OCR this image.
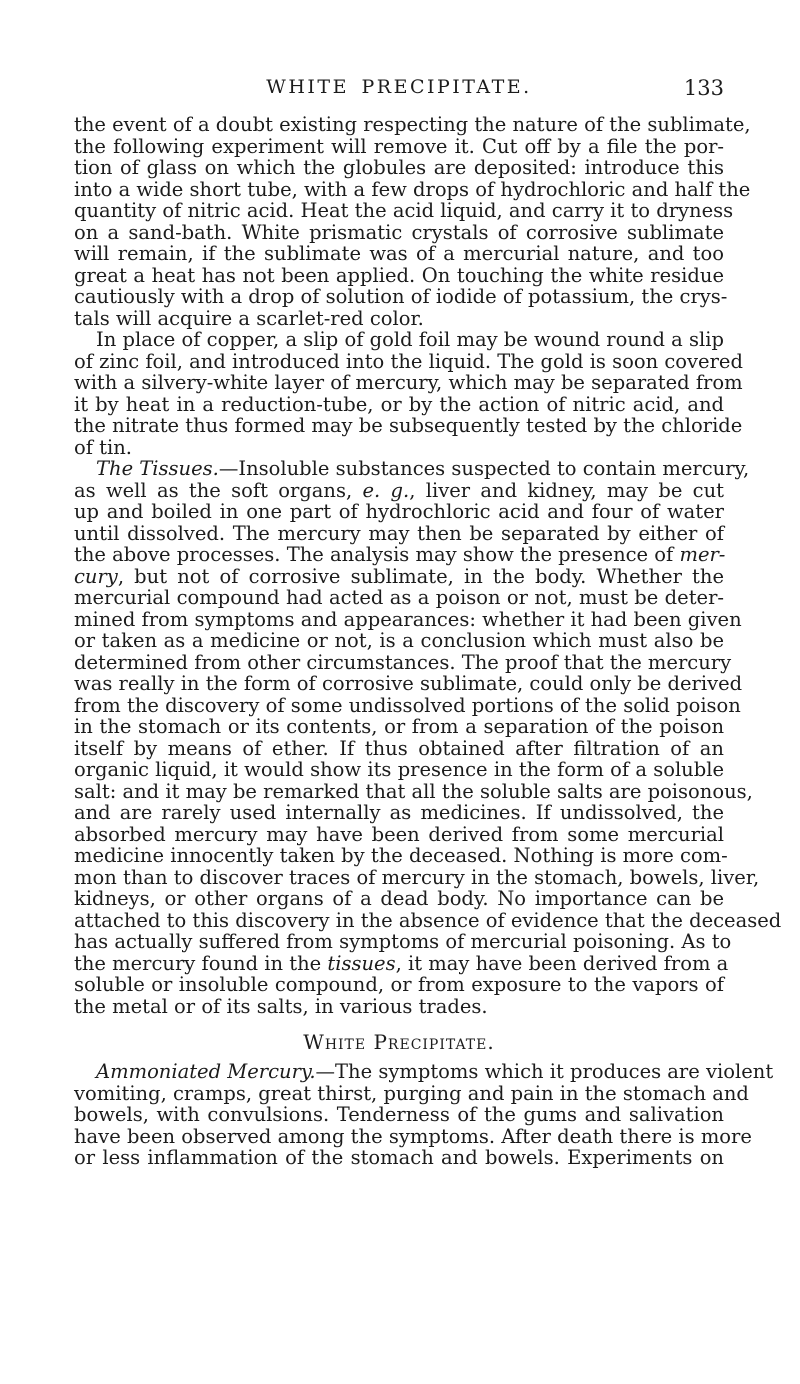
WHITE PRECIPITATE.	133
the event of a doubt existing respecting the nature of the sublimate,
the following experiment will remove it. Cut off by a file the por-
tion of glass on which the globules are deposited: introduce this
into a wide short tube, with a few drops of hydrochloric and half the
quantity of nitric acid. Heat the acid liquid, and carry it to dryness
on a sand-bath. White prismatic crystals of corrosive sublimate
will remain, if the sublimate was of a mercurial nature, and too
great a heat has not been applied. On touching the white residue
cautiously with a drop of solution of iodide of potassium, the crys-
tals will acquire a scarlet-red color.
In place of copper, a slip of gold foil may be wound round a slip
of zinc foil, and introduced into the liquid. The gold is soon covered
with a silvery-white layer of mercury, which may be separated from
it by heat in a reduction-tube, or by the action of nitric acid, and
the nitrate thus formed may be subsequently tested by the chloride
of tin.
The Tissues.—Insoluble substances suspected to contain mercury,
as well as the soft organs, e. g., liver and kidney, may be cut
up and boiled in one part of hydrochloric acid and four of water
until dissolved. The mercury may then be separated by either of
the above processes. The analysis may show the presence of mer-
cury, but not of corrosive sublimate, in the body. Whether the
mercurial compound had acted as a poison or not, must be deter-
mined from symptoms and appearances: whether it had been given
or taken as a medicine or not, is a conclusion which must also be
determined from other circumstances. The proof that the mercury
was really in the form of corrosive sublimate, could only be derived
from the discovery of some undissolved portions of the solid poison
in the stomach or its contents, or from a separation of the poison
itself by means of ether. If thus obtained after filtration of an
organic liquid, it would show its presence in the form of a soluble
salt: and it may be remarked that all the soluble salts are poisonous,
and are rarely used internally as medicines. If undissolved, the
absorbed mercury may have been derived from some mercurial
medicine innocently taken by the deceased. Nothing is more com-
mon than to discover traces of mercury in the stomach, bowels, liver,
kidneys, or other organs of a dead body. No importance can be
attached to this discovery in the absence of evidence that the deceased
has actually suffered from symptoms of mercurial poisoning. As to
the mercury found in the tissues, it may have been derived from a
soluble or insoluble compound, or from exposure to the vapors of
the metal or of its salts, in various trades.
White Precipitate.
Ammoniated Mercury.—The symptoms which it produces are violent
vomiting, cramps, great thirst, purging and pain in the stomach and
bowels, with convulsions. Tenderness of the gums and salivation
have been observed among the symptoms. After death there is more
or less inflammation of the stomach and bowels. Experiments on
